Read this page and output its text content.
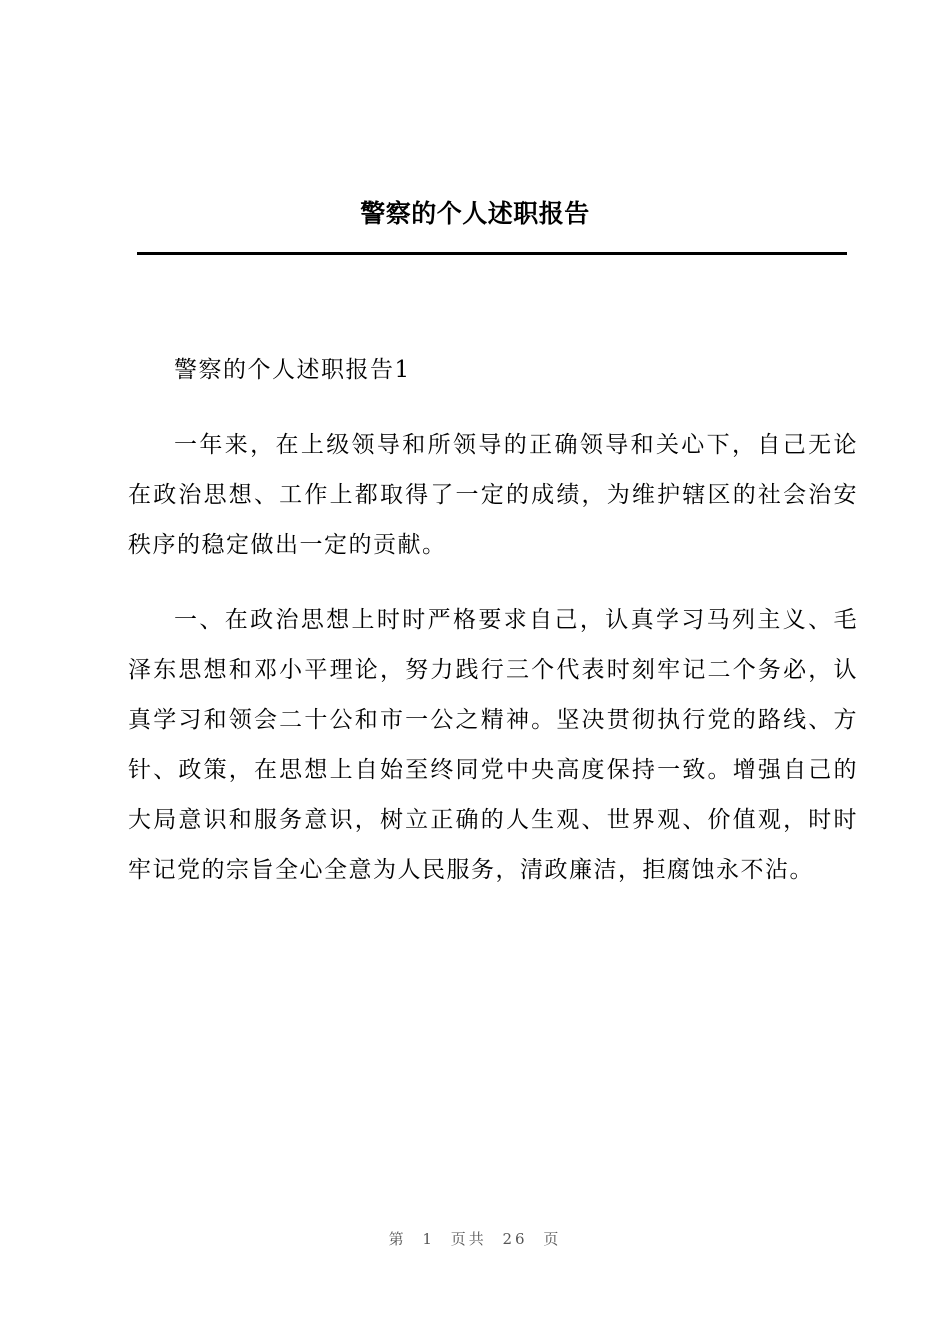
警察的个人述职报告

警察的个人述职报告1

一年来，在上级领导和所领导的正确领导和关心下，自己无论在政治思想、工作上都取得了一定的成绩，为维护辖区的社会治安秩序的稳定做出一定的贡献。

一、在政治思想上时时严格要求自己，认真学习马列主义、毛泽东思想和邓小平理论，努力践行三个代表时刻牢记二个务必，认真学习和领会二十公和市一公之精神。坚决贯彻执行党的路线、方针、政策，在思想上自始至终同党中央高度保持一致。增强自己的大局意识和服务意识，树立正确的人生观、世界观、价值观，时时牢记党的宗旨全心全意为人民服务，清政廉洁，拒腐蚀永不沾。

第 1 页共 26 页
